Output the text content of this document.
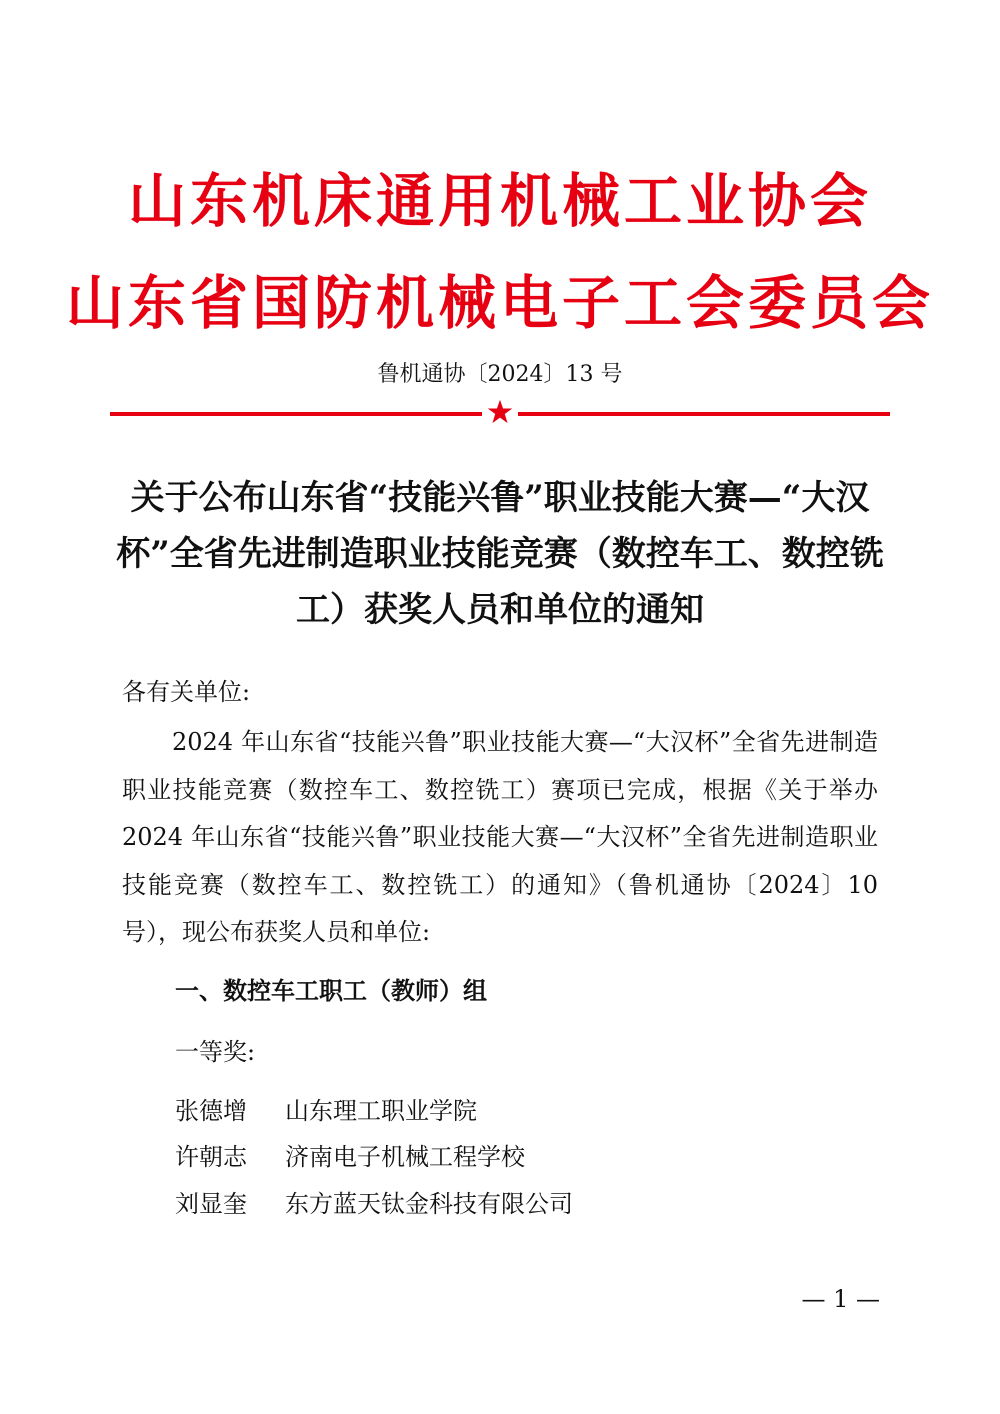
山东机床通用机械工业协会
山东省国防机械电子工会委员会
鲁机通协〔2024〕13 号
关于公布山东省“技能兴鲁”职业技能大赛—“大汉杯”全省先进制造职业技能竞赛（数控车工、数控铣工）获奖人员和单位的通知
各有关单位:
2024 年山东省“技能兴鲁”职业技能大赛—“大汉杯”全省先进制造职业技能竞赛（数控车工、数控铣工）赛项已完成，根据《关于举办 2024 年山东省“技能兴鲁”职业技能大赛—“大汉杯”全省先进制造职业技能竞赛（数控车工、数控铣工）的通知》（鲁机通协〔2024〕10 号），现公布获奖人员和单位:
一、数控车工职工（教师）组
一等奖:
张德增 山东理工职业学院
许朝志 济南电子机械工程学校
刘显奎 东方蓝天钛金科技有限公司
— 1 —
